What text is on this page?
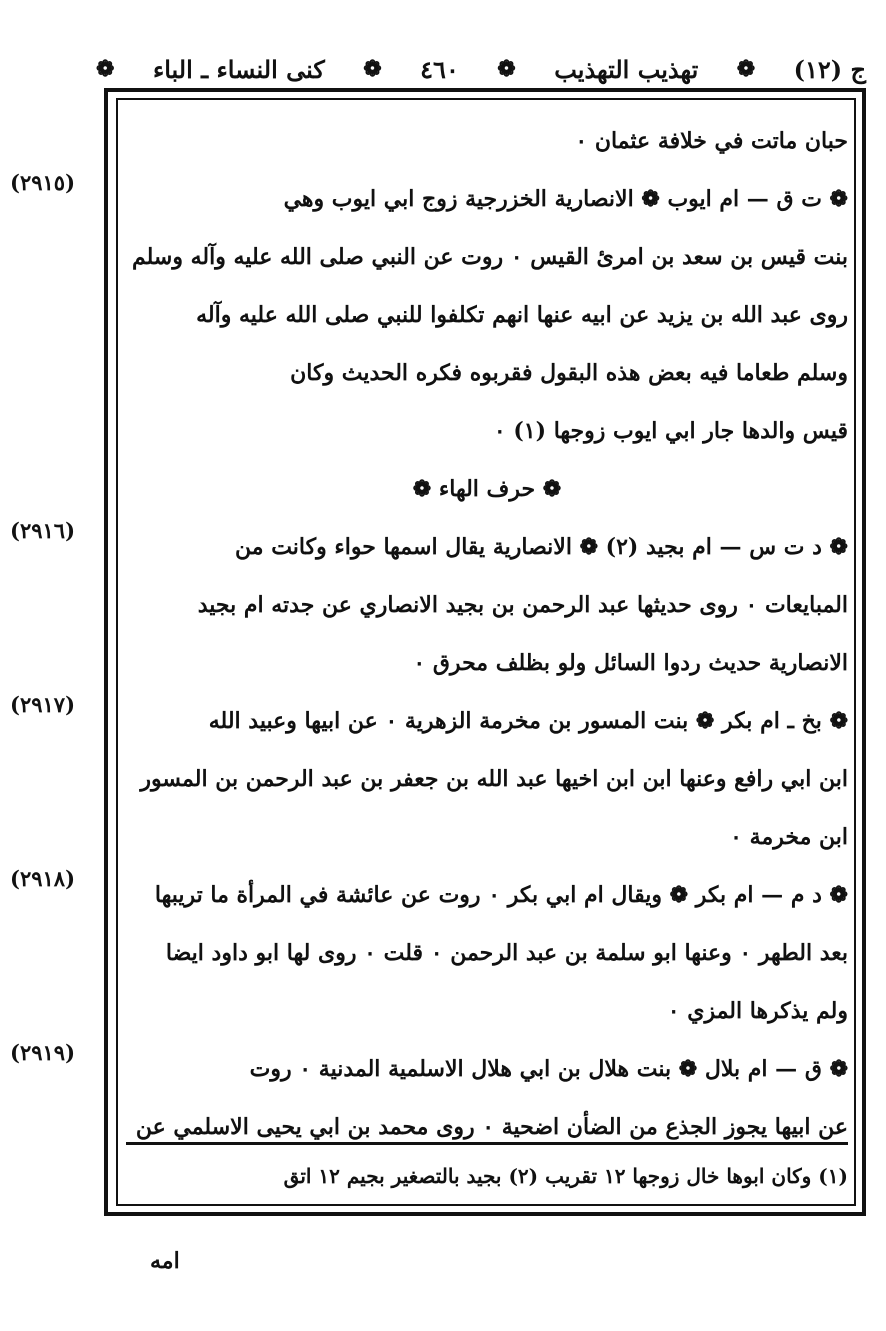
ج (١٢)
❁
تهذيب التهذيب
❁
٤٦٠
❁
كنى النساء ـ الباء
❁
حبان ماتت في خلافة عثمان ٠
❁ ت ق — ام ايوب ❁ الانصارية الخزرجية زوج ابي ايوب وهي
بنت قيس بن سعد بن امرئ القيس ٠ روت عن النبي صلى الله عليه وآله وسلم
روى عبد الله بن يزيد عن ابيه عنها انهم تكلفوا للنبي صلى الله عليه وآله
وسلم طعاما فيه بعض هذه البقول فقربوه فكره الحديث وكان
قيس والدها جار ابي ايوب زوجها (١) ٠
❁ حرف الهاء ❁
❁ د ت س — ام بجيد (٢) ❁ الانصارية يقال اسمها حواء وكانت من
المبايعات ٠ روى حديثها عبد الرحمن بن بجيد الانصاري عن جدته ام بجيد
الانصارية حديث ردوا السائل ولو بظلف محرق ٠
❁ بخ ـ ام بكر ❁ بنت المسور بن مخرمة الزهرية ٠ عن ابيها وعبيد الله
ابن ابي رافع وعنها ابن ابن اخيها عبد الله بن جعفر بن عبد الرحمن بن المسور
ابن مخرمة ٠
❁ د م — ام بكر ❁ ويقال ام ابي بكر ٠ روت عن عائشة في المرأة ما تريبها
بعد الطهر ٠ وعنها ابو سلمة بن عبد الرحمن ٠ قلت ٠ روى لها ابو داود ايضا
ولم يذكرها المزي ٠
❁ ق — ام بلال ❁ بنت هلال بن ابي هلال الاسلمية المدنية ٠ روت
عن ابيها يجوز الجذع من الضأن اضحية ٠ روى محمد بن ابي يحيى الاسلمي عن
(٢٩١٥)
(٢٩١٦)
(٢٩١٧)
(٢٩١٨)
(٢٩١٩)
(١) وكان ابوها خال زوجها ١٢ تقريب (٢) بجيد بالتصغير بجيم ١٢ اتق
امه
